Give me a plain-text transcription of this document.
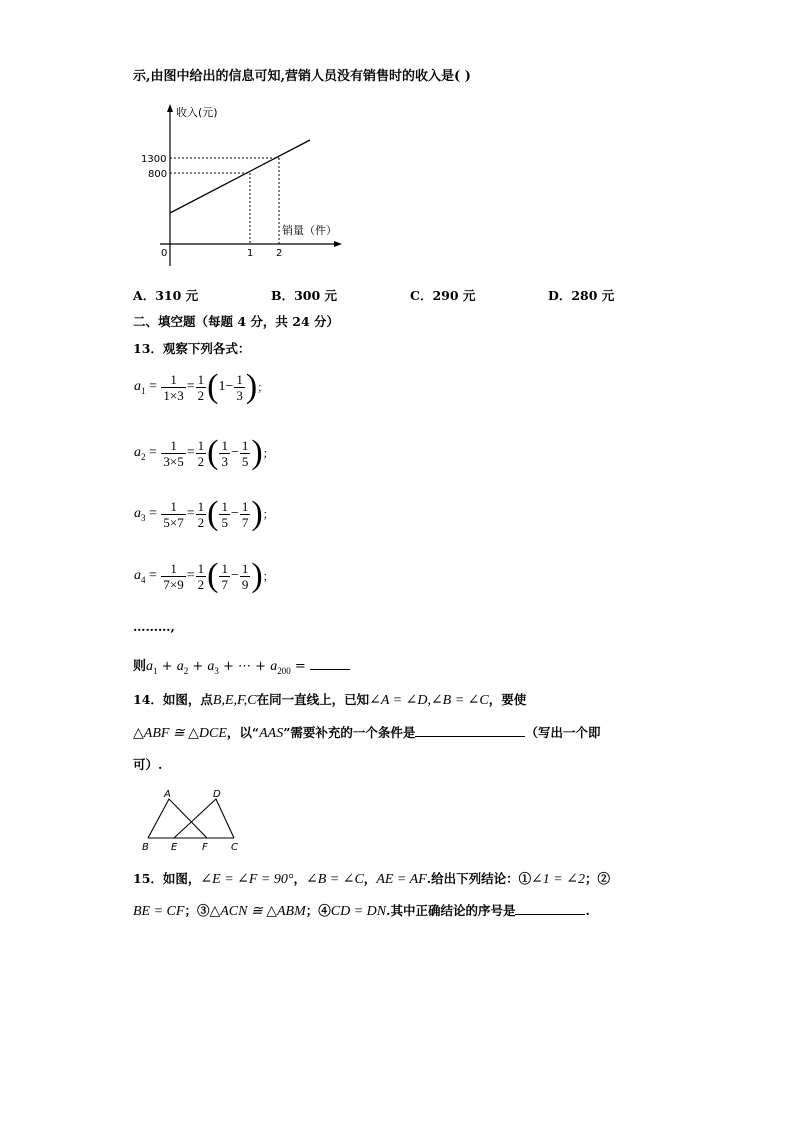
示,由图中给出的信息可知,营销人员没有销售时的收入是( )
收入(元)
销量（件）
1300
800
0	1 2
A．310 元	B．300 元	C．290 元	D．280 元
二、填空题（每题 4 分，共 24 分）
13．观察下列各式：
$a_1 = \frac{1}{1\times 3} = \frac{1}{2}$ ( $1 - \frac{1}{3}$ ) ；
$a_2 = \frac{1}{3\times 5} = \frac{1}{2}$ ( $\frac{1}{3} - \frac{1}{5}$ ) ；
$a_3 = \frac{1}{5\times 7} = \frac{1}{2}$ ( $\frac{1}{5} - \frac{1}{7}$ ) ；
$a_4 = \frac{1}{7\times 9} = \frac{1}{2}$ ( $\frac{1}{7} - \frac{1}{9}$ ) ；
………,
则$a_1 + a_2 + a_3$ + ⋯ + $a_{200}$ =
14．如图，点B,E,F,C在同一直线上，已知∠A = ∠D,∠B = ∠C，要使
△ABF ≅ △DCE，以“AAS”需要补充的一个条件是	（写出一个即
可）.
A	D
B E F C
15．如图，∠E = ∠F = 90°，∠B = ∠C，AE = AF.给出下列结论：①∠1 = ∠2；②
BE = CF；③△ACN ≅ △ABM；④CD = DN.其中正确结论的序号是	.
